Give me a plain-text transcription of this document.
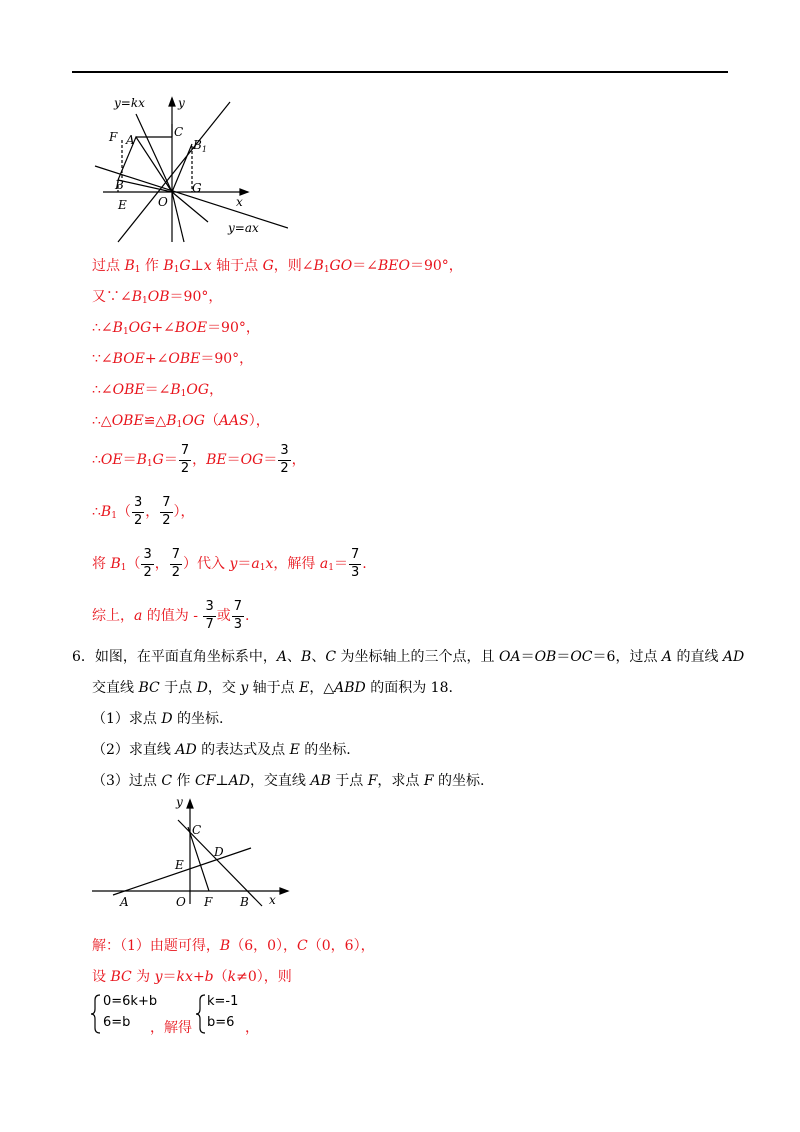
y=kx	y
F A
C
$B_1$
B	G
E	O	x
y=ax
过点 $B_1$ 作 $B_1G\perp x$ 轴于点 G，则$\angle B_1GO=\angle BEO=90^\circ$，
又$\because\angle B_1OB=90^\circ$，
$\therefore\angle B_1OG+\angle BOE=90^\circ$，
∵∠BOE+∠OBE＝90°，
$\therefore\angle OBE=\angle B_1OG$，
$\therefore\triangle OBE≌\triangle B_1OG(AAS)$，
$\therefore OE=B_1G= \frac{7}{2}$ ，$BE=OG= \frac{3}{2}$ ，
$\therefore B_1( \frac{3}{2}$ ， $\frac{7}{2}$ ），
将 $B_1( \frac{3}{2}$ ， $\frac{7}{2}$ ）代入 $y=a_1x$，解得 $a_1= \frac{7}{3}$ .
综上，a 的值为 - $\frac{3}{7}$ 或 $\frac{7}{3}$ .
6．如图，在平面直角坐标系中，A、B、C 为坐标轴上的三个点，且 OA＝OB＝OC＝6，过点 A 的直线 AD
交直线 BC 于点 D，交 y 轴于点 E，△ABD 的面积为 18.
（1）求点 D 的坐标.
（2）求直线 AD 的表达式及点 E 的坐标.
（3）过点 C 作 CF⊥AD，交直线 AB 于点 F，求点 F 的坐标.
y
C
D
E
A	O F B x
解：（1）由题可得，B（6，0），C（0，6），
设 BC 为 y＝kx+b（k≠0），则
0=6k+b
6=b ，解得
k=-1
b=6 ，
